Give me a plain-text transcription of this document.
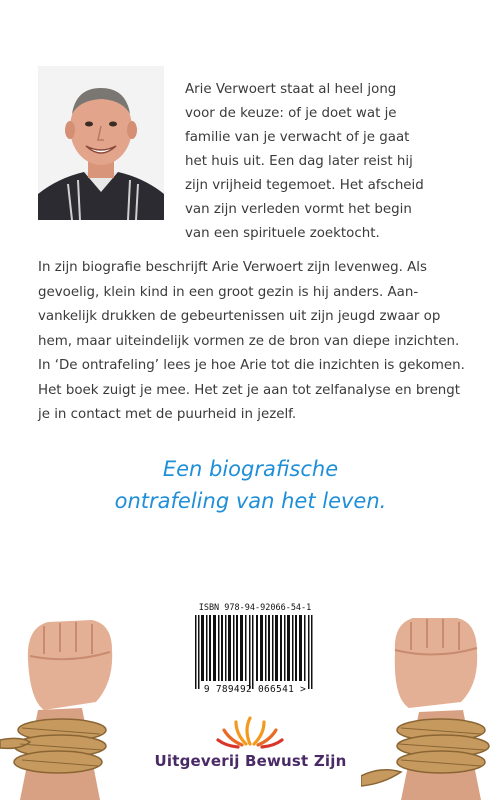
Arie Verwoert staat al heel jong
voor de keuze: of je doet wat je
familie van je verwacht of je gaat
het huis uit. Een dag later reist hij
zijn vrijheid tegemoet. Het afscheid
van zijn verleden vormt het begin
van een spirituele zoektocht.

In zijn biografie beschrijft Arie Verwoert zijn levenweg. Als
gevoelig, klein kind in een groot gezin is hij anders. Aan-
vankelijk drukken de gebeurtenissen uit zijn jeugd zwaar op
hem, maar uiteindelijk vormen ze de bron van diepe inzichten.
In ‘De ontrafeling’ lees je hoe Arie tot die inzichten is gekomen.
Het boek zuigt je mee. Het zet je aan tot zelfanalyse en brengt
je in contact met de puurheid in jezelf.

Een biografische
ontrafeling van het leven.

ISBN 978-94-92066-54-1
9 789492 066541 >
Uitgeverij Bewust Zijn
